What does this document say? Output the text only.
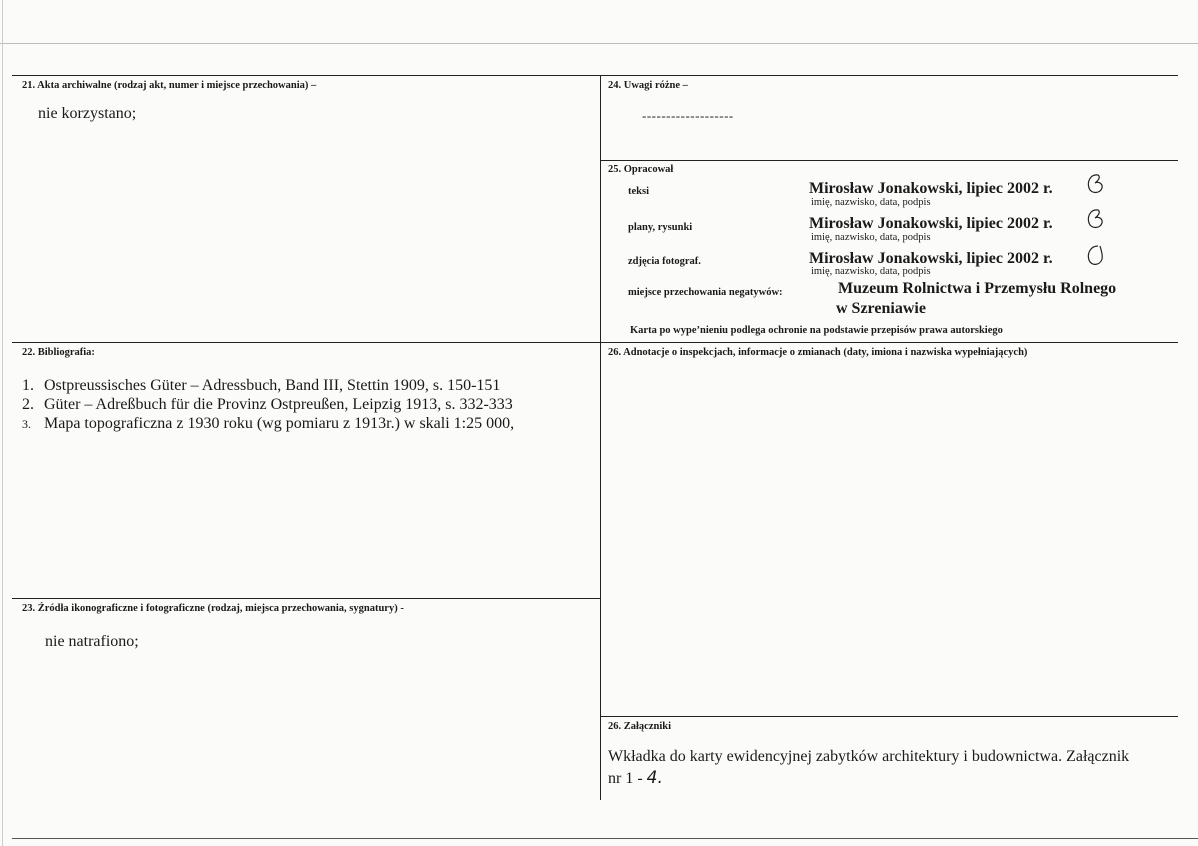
21. Akta archiwalne (rodzaj akt, numer i miejsce przechowania) –
nie korzystano;
24. Uwagi różne –
-------------------
25. Opracował
teksi	Mirosław Jonakowski, lipiec 2002 r.
imię, nazwisko, data, podpis
plany, rysunki	Mirosław Jonakowski, lipiec 2002 r.
imię, nazwisko, data, podpis
zdjęcia fotograf.	Mirosław Jonakowski, lipiec 2002 r.
imię, nazwisko, data, podpis
miejsce przechowania negatywów:	Muzeum Rolnictwa i Przemysłu Rolnego
w Szreniawie
Karta po wype’nieniu podlega ochronie na podstawie przepisów prawa autorskiego
22. Bibliografia:
1. Ostpreussisches Güter – Adressbuch, Band III, Stettin 1909, s. 150-151
2. Güter – Adreßbuch für die Provinz Ostpreußen, Leipzig 1913, s. 332-333
3. Mapa topograficzna z 1930 roku (wg pomiaru z 1913r.) w skali 1:25 000,
23. Źródła ikonograficzne i fotograficzne (rodzaj, miejsca przechowania, sygnatury) -
nie natrafiono;
26. Adnotacje o inspekcjach, informacje o zmianach (daty, imiona i nazwiska wypełniających)
26. Załączniki
Wkładka do karty ewidencyjnej zabytków architektury i budownictwa. Załącznik
nr 1 - 4.
